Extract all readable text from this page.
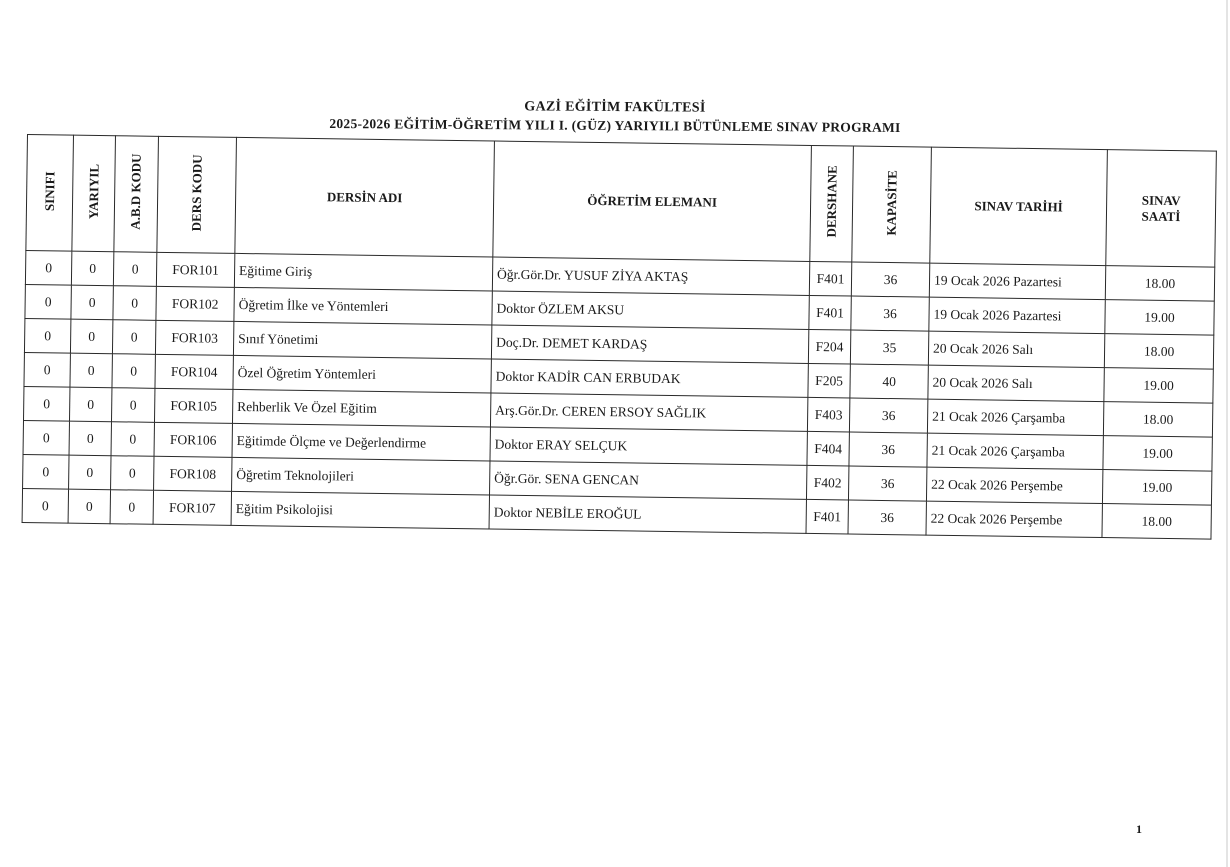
GAZİ EĞİTİM FAKÜLTESİ
2025-2026 EĞİTİM-ÖĞRETİM YILI I. (GÜZ) YARIYILI BÜTÜNLEME SINAV PROGRAMI
SINIFI	YARIYIL	A.B.D KODU	DERS KODU	DERSİN ADI	ÖĞRETİM ELEMANI	DERSHANE	KAPASİTE	SINAV TARİHİ	SINAV
SAATİ
0	0	0	FOR101	Eğitime Giriş	Öğr.Gör.Dr. YUSUF ZİYA AKTAŞ	F401	36	19 Ocak 2026 Pazartesi	18.00
0	0	0	FOR102	Öğretim İlke ve Yöntemleri	Doktor ÖZLEM AKSU	F401	36	19 Ocak 2026 Pazartesi	19.00
0	0	0	FOR103	Sınıf Yönetimi	Doç.Dr. DEMET KARDAŞ	F204	35	20 Ocak 2026 Salı	18.00
0	0	0	FOR104	Özel Öğretim Yöntemleri	Doktor KADİR CAN ERBUDAK	F205	40	20 Ocak 2026 Salı	19.00
0	0	0	FOR105	Rehberlik Ve Özel Eğitim	Arş.Gör.Dr. CEREN ERSOY SAĞLIK	F403	36	21 Ocak 2026 Çarşamba	18.00
0	0	0	FOR106	Eğitimde Ölçme ve Değerlendirme	Doktor ERAY SELÇUK	F404	36	21 Ocak 2026 Çarşamba	19.00
0	0	0	FOR108	Öğretim Teknolojileri	Öğr.Gör. SENA GENCAN	F402	36	22 Ocak 2026 Perşembe	19.00
0	0	0	FOR107	Eğitim Psikolojisi	Doktor NEBİLE EROĞUL	F401	36	22 Ocak 2026 Perşembe	18.00
1
